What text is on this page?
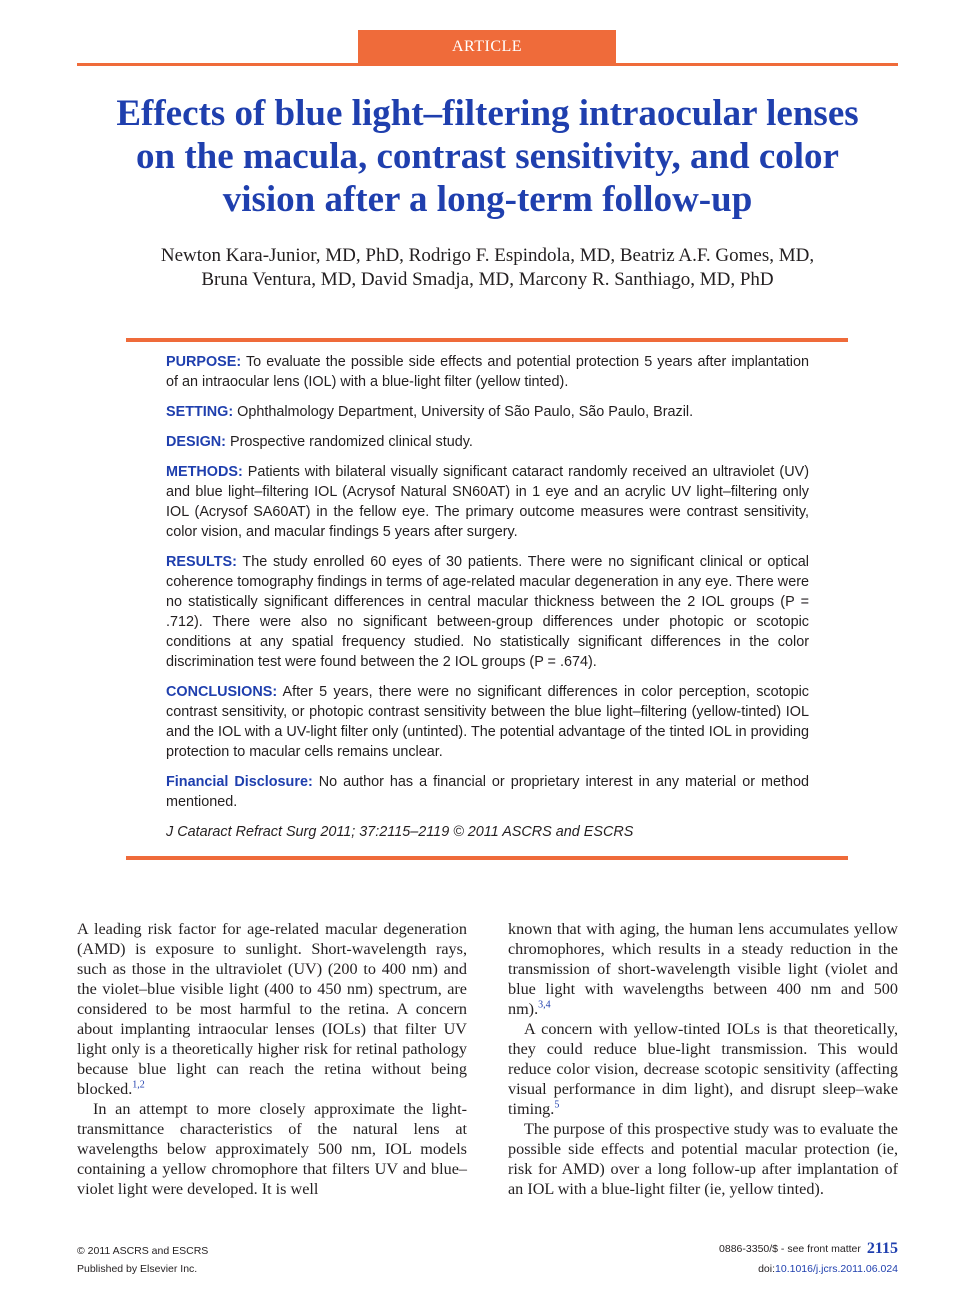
ARTICLE
Effects of blue light–filtering intraocular lenses
on the macula, contrast sensitivity, and color
vision after a long-term follow-up
Newton Kara-Junior, MD, PhD, Rodrigo F. Espindola, MD, Beatriz A.F. Gomes, MD,
Bruna Ventura, MD, David Smadja, MD, Marcony R. Santhiago, MD, PhD

PURPOSE: To evaluate the possible side effects and potential protection 5 years after implantation of an intraocular lens (IOL) with a blue-light filter (yellow tinted).

SETTING: Ophthalmology Department, University of São Paulo, São Paulo, Brazil.

DESIGN: Prospective randomized clinical study.

METHODS: Patients with bilateral visually significant cataract randomly received an ultraviolet (UV) and blue light–filtering IOL (Acrysof Natural SN60AT) in 1 eye and an acrylic UV light–filtering only IOL (Acrysof SA60AT) in the fellow eye. The primary outcome measures were contrast sensitivity, color vision, and macular findings 5 years after surgery.

RESULTS: The study enrolled 60 eyes of 30 patients. There were no significant clinical or optical coherence tomography findings in terms of age-related macular degeneration in any eye. There were no statistically significant differences in central macular thickness between the 2 IOL groups (P = .712). There were also no significant between-group differences under photopic or scotopic conditions at any spatial frequency studied. No statistically significant differences in the color discrimination test were found between the 2 IOL groups (P = .674).

CONCLUSIONS: After 5 years, there were no significant differences in color perception, scotopic contrast sensitivity, or photopic contrast sensitivity between the blue light–filtering (yellow-tinted) IOL and the IOL with a UV-light filter only (untinted). The potential advantage of the tinted IOL in providing protection to macular cells remains unclear.

Financial Disclosure: No author has a financial or proprietary interest in any material or method mentioned.

J Cataract Refract Surg 2011; 37:2115–2119 © 2011 ASCRS and ESCRS

A leading risk factor for age-related macular degeneration (AMD) is exposure to sunlight. Short-wavelength rays, such as those in the ultraviolet (UV) (200 to 400 nm) and the violet–blue visible light (400 to 450 nm) spectrum, are considered to be most harmful to the retina. A concern about implanting intraocular lenses (IOLs) that filter UV light only is a theoretically higher risk for retinal pathology because blue light can reach the retina without being blocked.$^{1,2}$

In an attempt to more closely approximate the light-transmittance characteristics of the natural lens at wavelengths below approximately 500 nm, IOL models containing a yellow chromophore that filters UV and blue–violet light were developed. It is well

known that with aging, the human lens accumulates yellow chromophores, which results in a steady reduction in the transmission of short-wavelength visible light (violet and blue light with wavelengths between 400 nm and 500 nm).$^{3,4}$

A concern with yellow-tinted IOLs is that theoretically, they could reduce blue-light transmission. This would reduce color vision, decrease scotopic sensitivity (affecting visual performance in dim light), and disrupt sleep–wake timing.$^5$

The purpose of this prospective study was to evaluate the possible side effects and potential macular protection (ie, risk for AMD) over a long follow-up after implantation of an IOL with a blue-light filter (ie, yellow tinted).

© 2011 ASCRS and ESCRS
Published by Elsevier Inc.
0886-3350/$ - see front matter 2115
doi:10.1016/j.jcrs.2011.06.024
